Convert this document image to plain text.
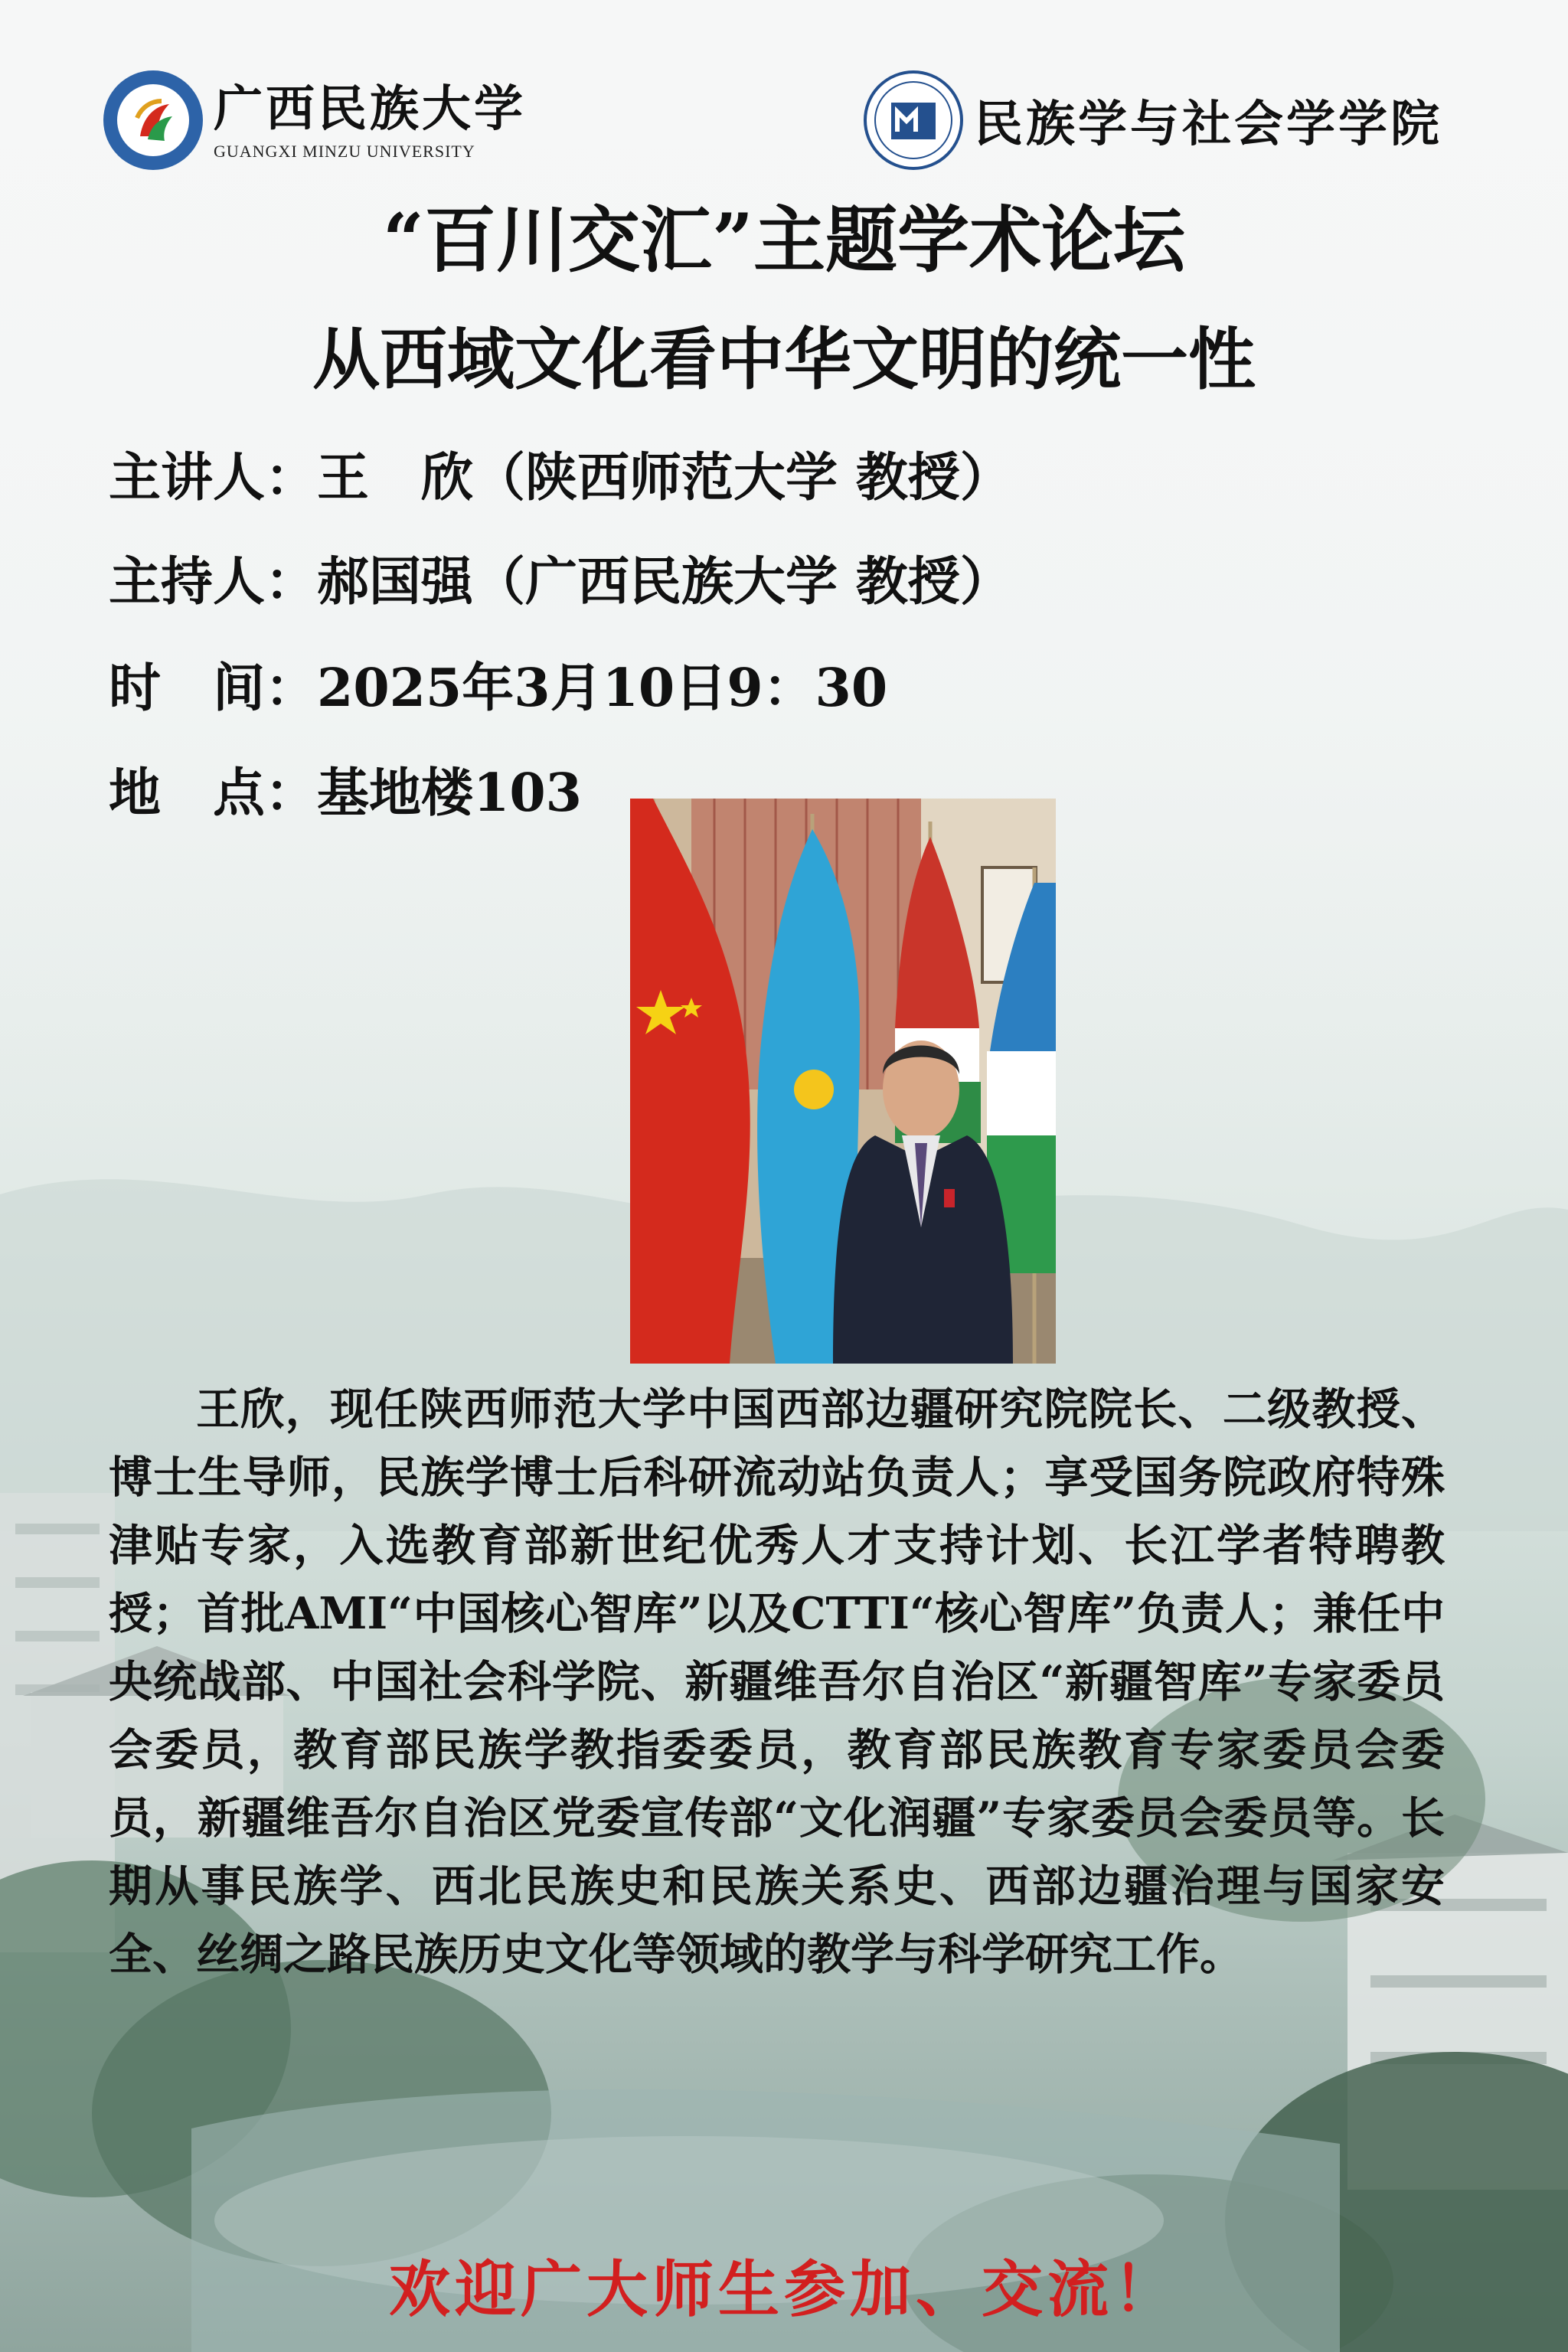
广西民族大学
GUANGXI MINZU UNIVERSITY	民族学与社会学学院
“百川交汇”主题学术论坛
从西域文化看中华文明的统一性
主讲人：王　欣（陕西师范大学 教授）
主持人：郝国强（广西民族大学 教授）
时　间：2025年3月10日9：30
地　点：基地楼103
王欣，现任陕西师范大学中国西部边疆研究院院长、二级教授、博士生导师，民族学博士后科研流动站负责人；享受国务院政府特殊津贴专家，入选教育部新世纪优秀人才支持计划、长江学者特聘教授；首批AMI“中国核心智库”以及CTTI“核心智库”负责人；兼任中央统战部、中国社会科学院、新疆维吾尔自治区“新疆智库”专家委员会委员，教育部民族学教指委委员，教育部民族教育专家委员会委员，新疆维吾尔自治区党委宣传部“文化润疆”专家委员会委员等。长期从事民族学、西北民族史和民族关系史、西部边疆治理与国家安全、丝绸之路民族历史文化等领域的教学与科学研究工作。
欢迎广大师生参加、交流！
